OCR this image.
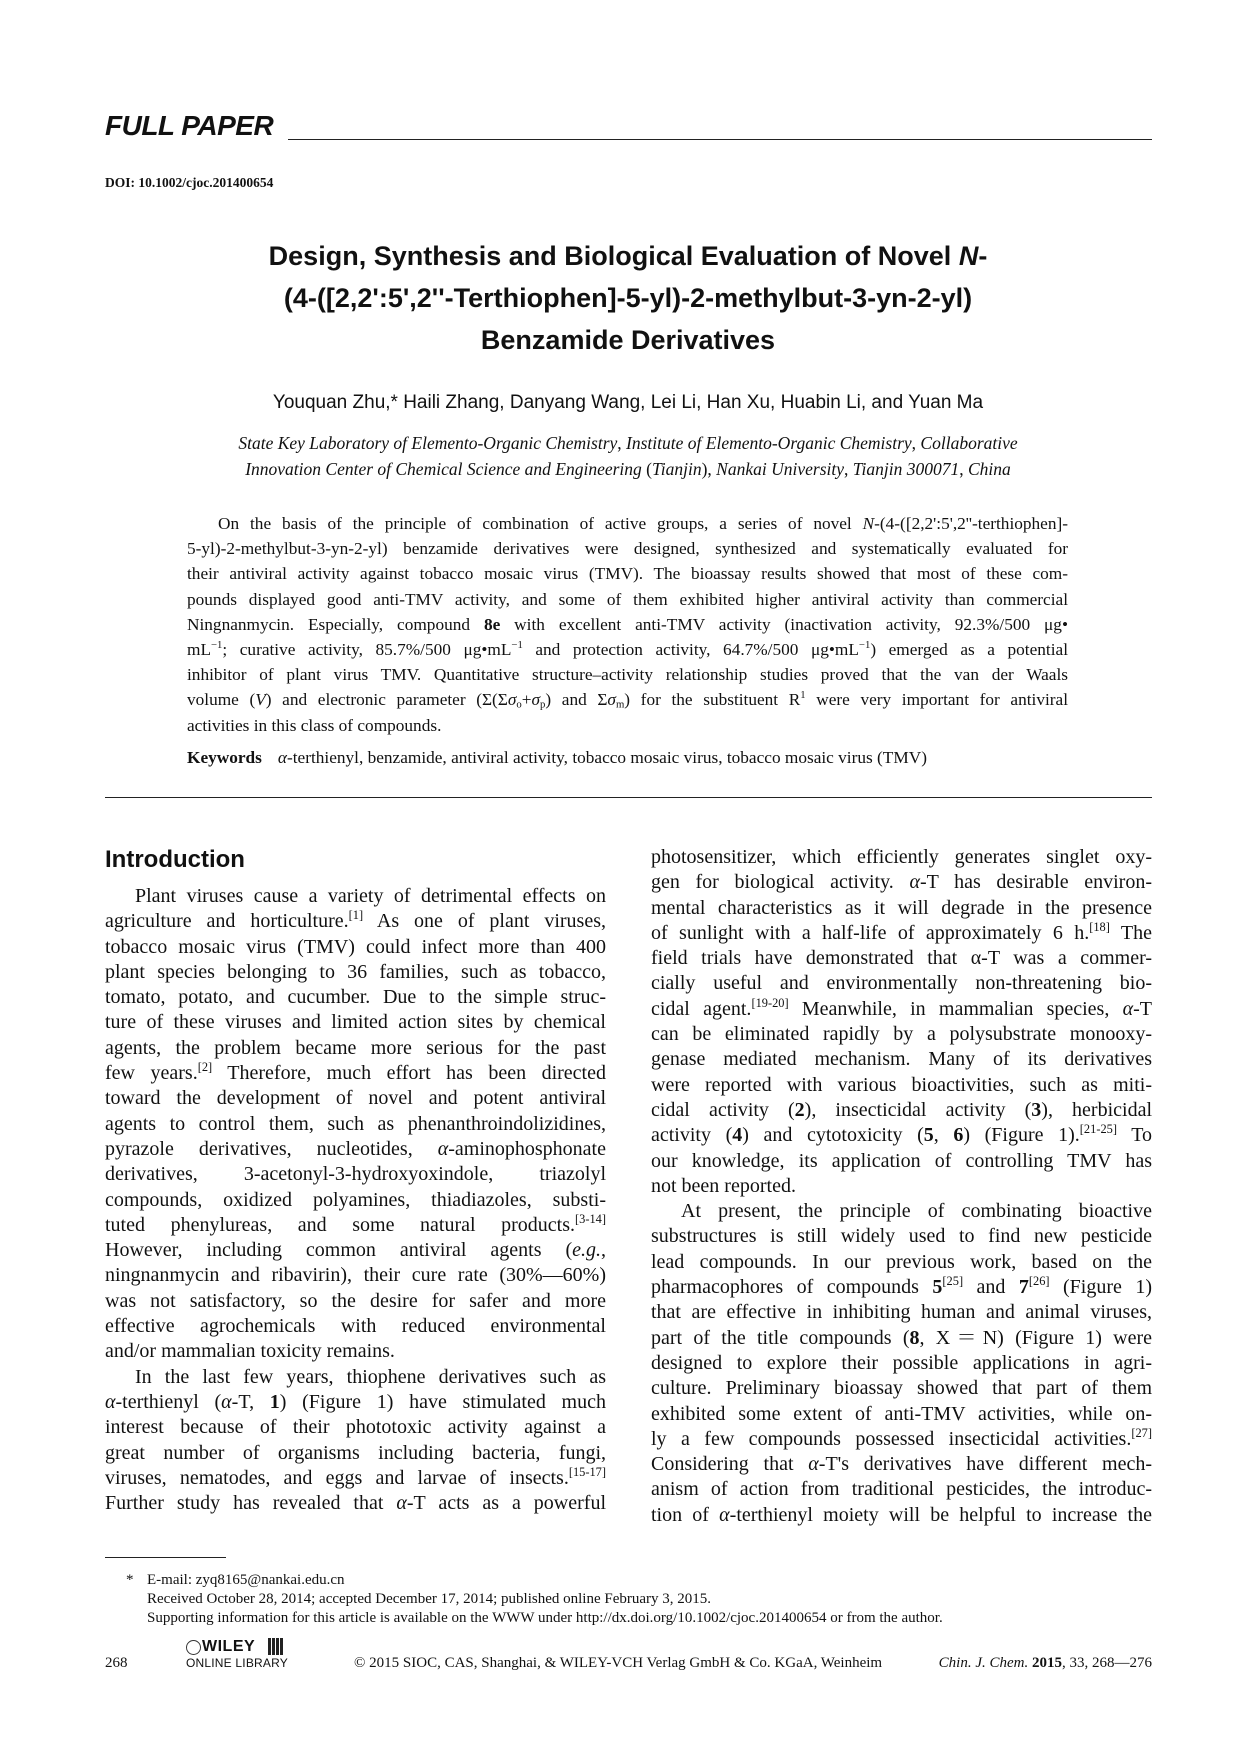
FULL PAPER
DOI: 10.1002/cjoc.201400654
Design, Synthesis and Biological Evaluation of Novel N-
(4-([2,2':5',2''-Terthiophen]-5-yl)-2-methylbut-3-yn-2-yl)
Benzamide Derivatives
Youquan Zhu,* Haili Zhang, Danyang Wang, Lei Li, Han Xu, Huabin Li, and Yuan Ma
State Key Laboratory of Elemento-Organic Chemistry, Institute of Elemento-Organic Chemistry, Collaborative
Innovation Center of Chemical Science and Engineering (Tianjin), Nankai University, Tianjin 300071, China
On the basis of the principle of combination of active groups, a series of novel N-(4-([2,2':5',2''-terthiophen]-
5-yl)-2-methylbut-3-yn-2-yl) benzamide derivatives were designed, synthesized and systematically evaluated for
their antiviral activity against tobacco mosaic virus (TMV). The bioassay results showed that most of these com-
pounds displayed good anti-TMV activity, and some of them exhibited higher antiviral activity than commercial
Ningnanmycin. Especially, compound 8e with excellent anti-TMV activity (inactivation activity, 92.3%/500 μg•
$mL^{-1}$; curative activity, 85.7%/500 $\mu g•mL^{-1}$ and protection activity, 64.7%/500 $\mu g•mL^{-1}$) emerged as a potential
inhibitor of plant virus TMV. Quantitative structure–activity relationship studies proved that the van der Waals
volume (V) and electronic parameter ($\Sigma(\Sigma\sigma_o+\sigma_p)$ and $\Sigma\sigma_m$) for the substituent $R^1$ were very important for antiviral
activities in this class of compounds.
Keywords α-terthienyl, benzamide, antiviral activity, tobacco mosaic virus, tobacco mosaic virus (TMV)
Introduction
Plant viruses cause a variety of detrimental effects on
agriculture and horticulture.[1] As one of plant viruses,
tobacco mosaic virus (TMV) could infect more than 400
plant species belonging to 36 families, such as tobacco,
tomato, potato, and cucumber. Due to the simple struc-
ture of these viruses and limited action sites by chemical
agents, the problem became more serious for the past
few years.[2] Therefore, much effort has been directed
toward the development of novel and potent antiviral
agents to control them, such as phenanthroindolizidines,
pyrazole derivatives, nucleotides, α-aminophosphonate
derivatives, 3-acetonyl-3-hydroxyoxindole, triazolyl
compounds, oxidized polyamines, thiadiazoles, substi-
tuted phenylureas, and some natural products.[3-14]
However, including common antiviral agents (e.g.,
ningnanmycin and ribavirin), their cure rate (30%—60%)
was not satisfactory, so the desire for safer and more
effective agrochemicals with reduced environmental
and/or mammalian toxicity remains.
In the last few years, thiophene derivatives such as
α-terthienyl (α-T, 1) (Figure 1) have stimulated much
interest because of their phototoxic activity against a
great number of organisms including bacteria, fungi,
viruses, nematodes, and eggs and larvae of insects.[15-17]
Further study has revealed that α-T acts as a powerful
photosensitizer, which efficiently generates singlet oxy-
gen for biological activity. α-T has desirable environ-
mental characteristics as it will degrade in the presence
of sunlight with a half-life of approximately 6 h.[18] The
field trials have demonstrated that α-T was a commer-
cially useful and environmentally non-threatening bio-
cidal agent.[19-20] Meanwhile, in mammalian species, α-T
can be eliminated rapidly by a polysubstrate monooxy-
genase mediated mechanism. Many of its derivatives
were reported with various bioactivities, such as miti-
cidal activity (2), insecticidal activity (3), herbicidal
activity (4) and cytotoxicity (5, 6) (Figure 1).[21-25] To
our knowledge, its application of controlling TMV has
not been reported.
At present, the principle of combinating bioactive
substructures is still widely used to find new pesticide
lead compounds. In our previous work, based on the
pharmacophores of compounds 5[25] and 7[26] (Figure 1)
that are effective in inhibiting human and animal viruses,
part of the title compounds (8, X＝N) (Figure 1) were
designed to explore their possible applications in agri-
culture. Preliminary bioassay showed that part of them
exhibited some extent of anti-TMV activities, while on-
ly a few compounds possessed insecticidal activities.[27]
Considering that α-T's derivatives have different mech-
anism of action from traditional pesticides, the introduc-
tion of α-terthienyl moiety will be helpful to increase the
* E-mail: zyq8165@nankai.edu.cn
Received October 28, 2014; accepted December 17, 2014; published online February 3, 2015.
Supporting information for this article is available on the WWW under http://dx.doi.org/10.1002/cjoc.201400654 or from the author.
268
WILEY
ONLINE LIBRARY	© 2015 SIOC, CAS, Shanghai, & WILEY-VCH Verlag GmbH & Co. KGaA, Weinheim	Chin. J. Chem. 2015, 33, 268—276
